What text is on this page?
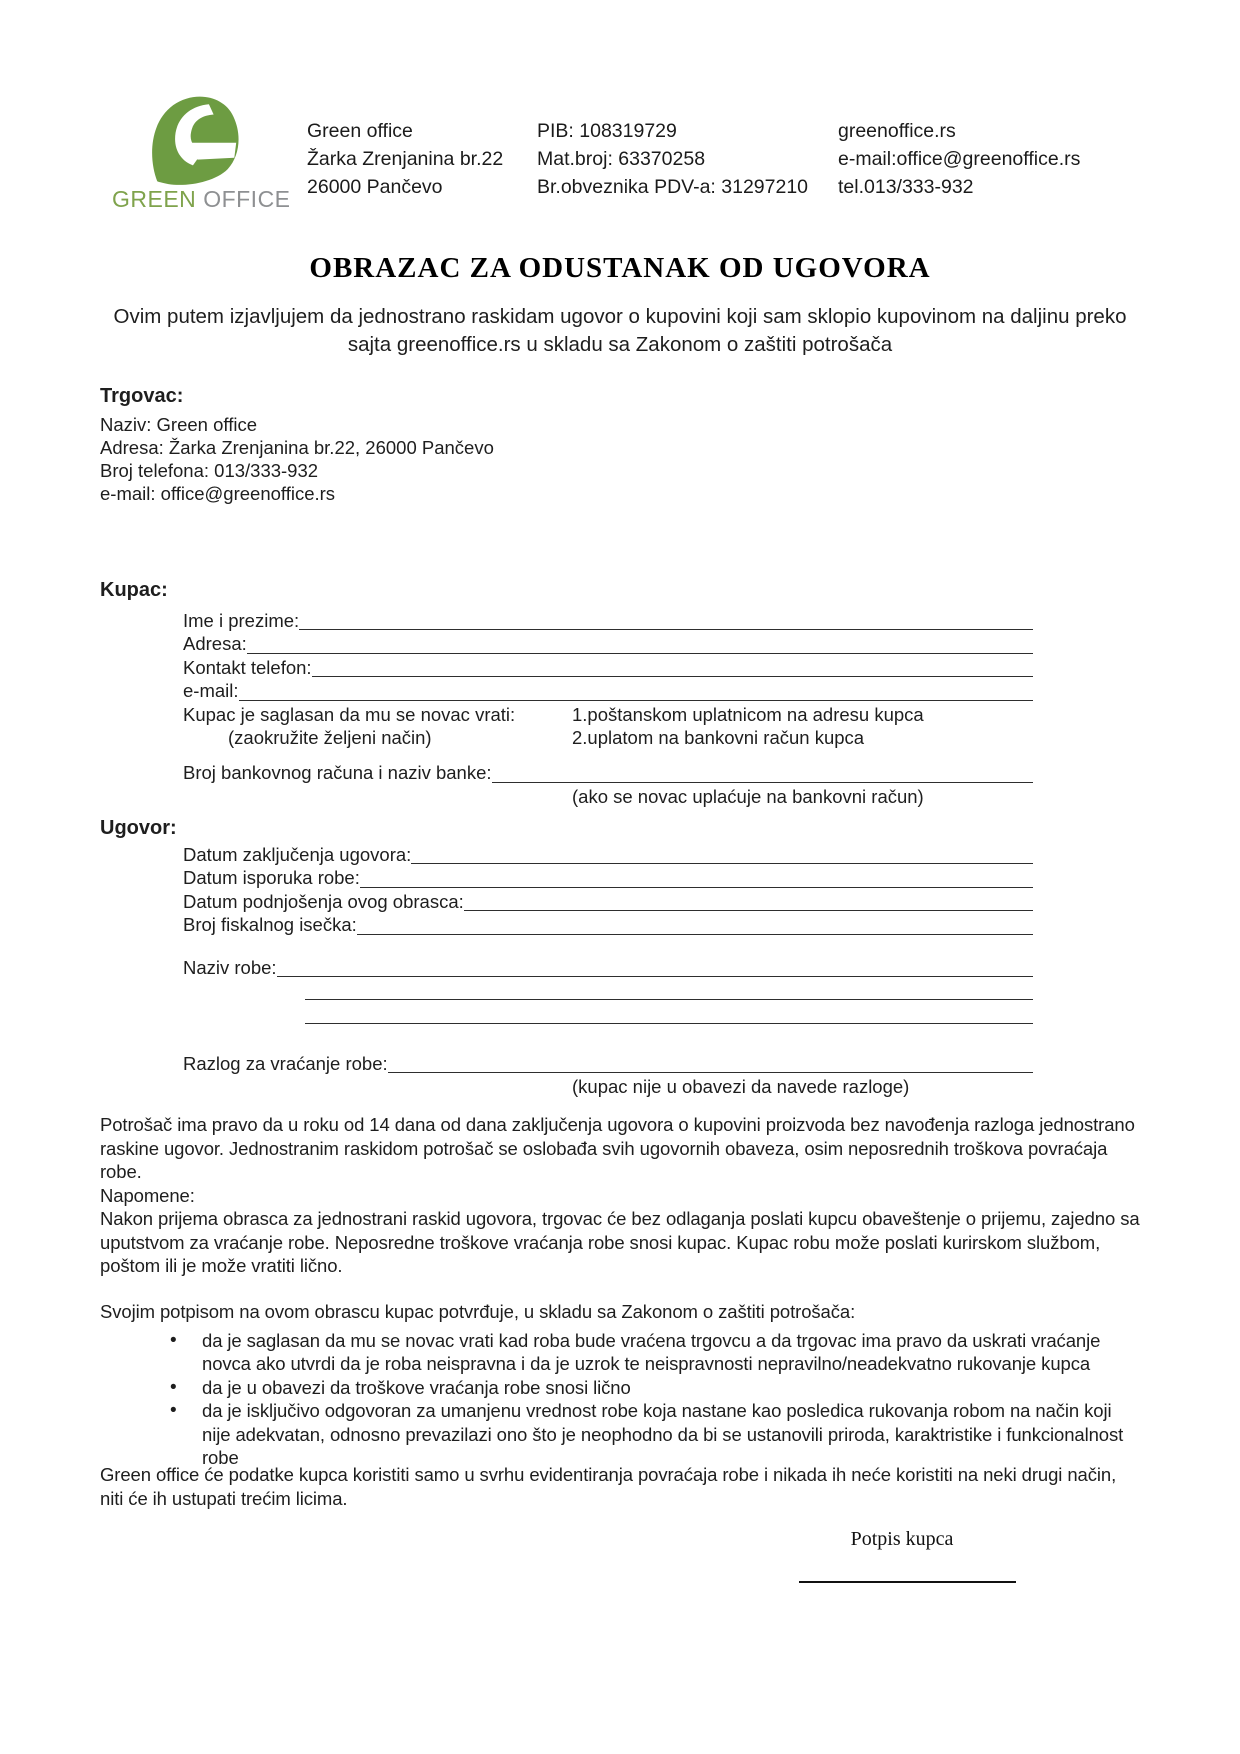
GREEN OFFICE
Green office
Žarka Zrenjanina br.22
26000 Pančevo
PIB: 108319729
Mat.broj: 63370258
Br.obveznika PDV-a: 31297210
greenoffice.rs
e-mail:office@greenoffice.rs
tel.013/333-932
OBRAZAC ZA ODUSTANAK OD UGOVORA
Ovim putem izjavljujem da jednostrano raskidam ugovor o kupovini koji sam sklopio kupovinom na daljinu preko sajta greenoffice.rs u skladu sa Zakonom o zaštiti potrošača
Trgovac:
Naziv: Green office
Adresa: Žarka Zrenjanina br.22, 26000 Pančevo
Broj telefona: 013/333-932
e-mail: office@greenoffice.rs
Kupac:
Ime i prezime:
Adresa:
Kontakt telefon:
e-mail:
Kupac je saglasan da mu se novac vrati:	1.poštanskom uplatnicom na adresu kupca
(zaokružite željeni način)	2.uplatom na bankovni račun kupca
Broj bankovnog računa i naziv banke:
(ako se novac uplaćuje na bankovni račun)
Ugovor:
Datum zaključenja ugovora:
Datum isporuka robe:
Datum podnjošenja ovog obrasca:
Broj fiskalnog isečka:
Naziv robe:
Razlog za vraćanje robe:
(kupac nije u obavezi da navede razloge)
Potrošač ima pravo da u roku od 14 dana od dana zaključenja ugovora o kupovini proizvoda bez navođenja razloga jednostrano raskine ugovor. Jednostranim raskidom potrošač se oslobađa svih ugovornih obaveza, osim neposrednih troškova povraćaja robe.
Napomene:
Nakon prijema obrasca za jednostrani raskid ugovora, trgovac će bez odlaganja poslati kupcu obaveštenje o prijemu, zajedno sa uputstvom za vraćanje robe. Neposredne troškove vraćanja robe snosi kupac. Kupac robu može poslati kurirskom službom, poštom ili je može vratiti lično.
Svojim potpisom na ovom obrascu kupac potvrđuje, u skladu sa Zakonom o zaštiti potrošača:
• da je saglasan da mu se novac vrati kad roba bude vraćena trgovcu a da trgovac ima pravo da uskrati vraćanje novca ako utvrdi da je roba neispravna i da je uzrok te neispravnosti nepravilno/neadekvatno rukovanje kupca
• da je u obavezi da troškove vraćanja robe snosi lično
• da je isključivo odgovoran za umanjenu vrednost robe koja nastane kao posledica rukovanja robom na način koji nije adekvatan, odnosno prevazilazi ono što je neophodno da bi se ustanovili priroda, karaktristike i funkcionalnost robe
Green office će podatke kupca koristiti samo u svrhu evidentiranja povraćaja robe i nikada ih neće koristiti na neki drugi način, niti će ih ustupati trećim licima.
Potpis kupca
